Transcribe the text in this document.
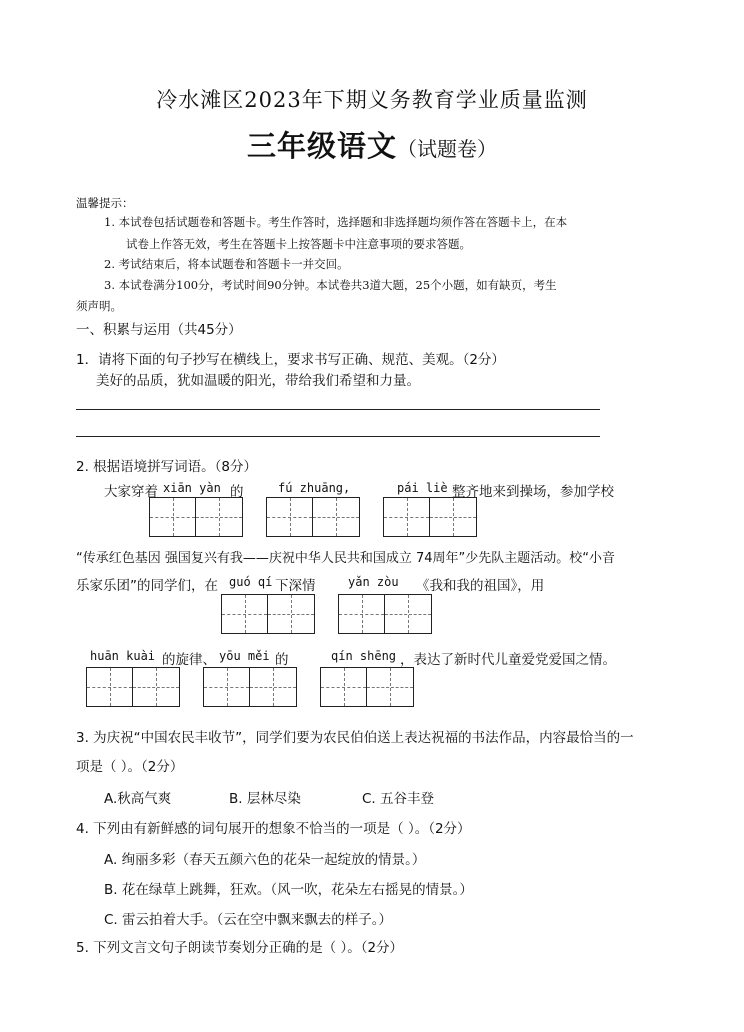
冷水滩区2023年下期义务教育学业质量监测
三年级语文（试题卷）
温馨提示：
1. 本试卷包括试题卷和答题卡。考生作答时，选择题和非选择题均须作答在答题卡上，在本
试卷上作答无效，考生在答题卡上按答题卡中注意事项的要求答题。
2. 考试结束后，将本试题卷和答题卡一并交回。
3. 本试卷满分100分，考试时间90分钟。本试卷共3道大题，25个小题，如有缺页，考生
须声明。
一、积累与运用（共45分）
1．请将下面的句子抄写在横线上，要求书写正确、规范、美观。（2分）
美好的品质，犹如温暖的阳光，带给我们希望和力量。
2. 根据语境拼写词语。（8分）
大家穿着 xiān yàn 的	fú zhuāng,	pái liè 整齐地来到操场，参加学校
“传承红色基因 强国复兴有我——庆祝中华人民共和国成立 74周年”少先队主题活动。校“小音
乐家乐团”的同学们，在 guó qí 下深情	yǎn zòu 《我和我的祖国》，用
huān kuài 的旋律、 yōu měi 的	qín shēng ，表达了新时代儿童爱党爱国之情。
3. 为庆祝“中国农民丰收节”，同学们要为农民伯伯送上表达祝福的书法作品，内容最恰当的一
项是（ ）。（2分）
A.秋高气爽	B. 层林尽染	C. 五谷丰登
4. 下列由有新鲜感的词句展开的想象不恰当的一项是（ ）。（2分）
A. 绚丽多彩（春天五颜六色的花朵一起绽放的情景。）
B. 花在绿草上跳舞，狂欢。（风一吹，花朵左右摇晃的情景。）
C. 雷云拍着大手。（云在空中飘来飘去的样子。）
5. 下列文言文句子朗读节奏划分正确的是（ ）。（2分）
